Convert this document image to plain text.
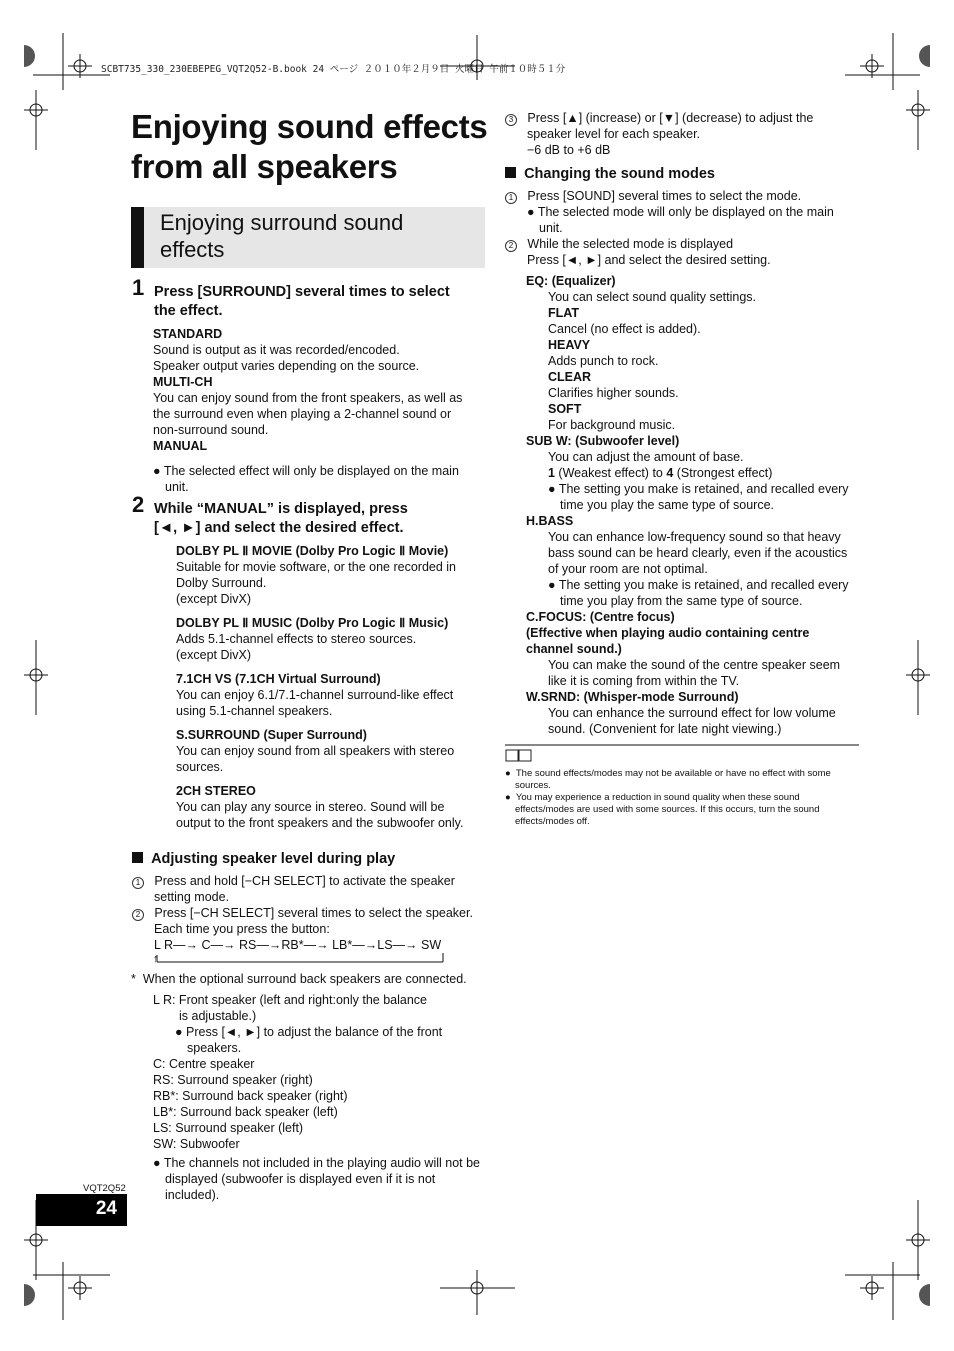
SCBT735_330_230EBEPEG_VQT2Q52-B.book 24 ページ ２０１０年２月９日 火曜日 午前１０時５１分
Enjoying sound effects
from all speakers
Enjoying surround sound
effects
1 Press [SURROUND] several times to select
the effect.
STANDARD
Sound is output as it was recorded/encoded.
Speaker output varies depending on the source.
MULTI-CH
You can enjoy sound from the front speakers, as well as
the surround even when playing a 2-channel sound or
non-surround sound.
MANUAL
● The selected effect will only be displayed on the main
unit.
2 While “MANUAL” is displayed, press
[◄, ►] and select the desired effect.
DOLBY PL Ⅱ MOVIE (Dolby Pro Logic Ⅱ Movie)
Suitable for movie software, or the one recorded in
Dolby Surround.
(except DivX)
DOLBY PL Ⅱ MUSIC (Dolby Pro Logic Ⅱ Music)
Adds 5.1-channel effects to stereo sources.
(except DivX)
7.1CH VS (7.1CH Virtual Surround)
You can enjoy 6.1/7.1-channel surround-like effect
using 5.1-channel speakers.
S.SURROUND (Super Surround)
You can enjoy sound from all speakers with stereo
sources.
2CH STEREO
You can play any source in stereo. Sound will be
output to the front speakers and the subwoofer only.
Adjusting speaker level during play
1 Press and hold [−CH SELECT] to activate the speaker
setting mode.
2 Press [−CH SELECT] several times to select the speaker.
Each time you press the button:
L R—→ C—→ RS—→RB*—→ LB*—→LS—→ SW
↑
*  When the optional surround back speakers are connected.
L R: Front speaker (left and right:only the balance
is adjustable.)
● Press [◄, ►] to adjust the balance of the front
speakers.
C: Centre speaker
RS: Surround speaker (right)
RB*: Surround back speaker (right)
LB*: Surround back speaker (left)
LS: Surround speaker (left)
SW: Subwoofer
● The channels not included in the playing audio will not be
displayed (subwoofer is displayed even if it is not
included).
3 Press [▲] (increase) or [▼] (decrease) to adjust the
speaker level for each speaker.
−6 dB to +6 dB
Changing the sound modes
1 Press [SOUND] several times to select the mode.
● The selected mode will only be displayed on the main
unit.
2 While the selected mode is displayed
Press [◄, ►] and select the desired setting.
EQ: (Equalizer)
You can select sound quality settings.
FLAT
Cancel (no effect is added).
HEAVY
Adds punch to rock.
CLEAR
Clarifies higher sounds.
SOFT
For background music.
SUB W: (Subwoofer level)
You can adjust the amount of base.
1 (Weakest effect) to 4 (Strongest effect)
● The setting you make is retained, and recalled every
time you play the same type of source.
H.BASS
You can enhance low-frequency sound so that heavy
bass sound can be heard clearly, even if the acoustics
of your room are not optimal.
● The setting you make is retained, and recalled every
time you play from the same type of source.
C.FOCUS: (Centre focus)
(Effective when playing audio containing centre
channel sound.)
You can make the sound of the centre speaker seem
like it is coming from within the TV.
W.SRND: (Whisper-mode Surround)
You can enhance the surround effect for low volume
sound. (Convenient for late night viewing.)
●  The sound effects/modes may not be available or have no effect with some
sources.
●  You may experience a reduction in sound quality when these sound
effects/modes are used with some sources. If this occurs, turn the sound
effects/modes off.
VQT2Q52
24
